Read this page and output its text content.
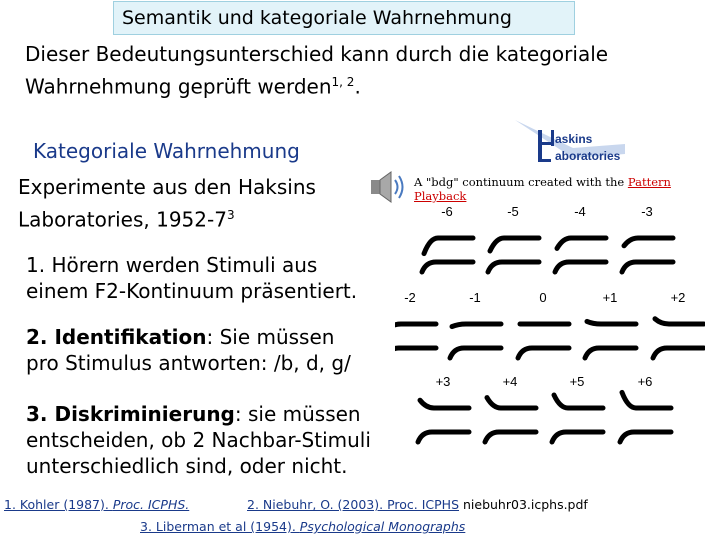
Semantik und kategoriale Wahrnehmung
Dieser Bedeutungsunterschied kann durch die kategoriale
Wahrnehmung geprüft werden$^{1, 2}$.
Kategoriale Wahrnehmung
Experimente aus den Haksins
Laboratories, $1952-7^3$
1. Hörern werden Stimuli aus
einem F2-Kontinuum präsentiert.
2. Identifikation: Sie müssen
pro Stimulus antworten: /b, d, g/
3. Diskriminierung: sie müssen
entscheiden, ob 2 Nachbar-Stimuli
unterschiedlich sind, oder nicht.
askins
aboratories
A "bdg" continuum created with the Pattern Playback
-6	-5	-4	-3
-2	-1	0	+1	+2
+3	+4	+5	+6
1. Kohler (1987). Proc. ICPHS.	2. Niebuhr, O. (2003). Proc. ICPHS niebuhr03.icphs.pdf
3. Liberman et al (1954). Psychological Monographs
